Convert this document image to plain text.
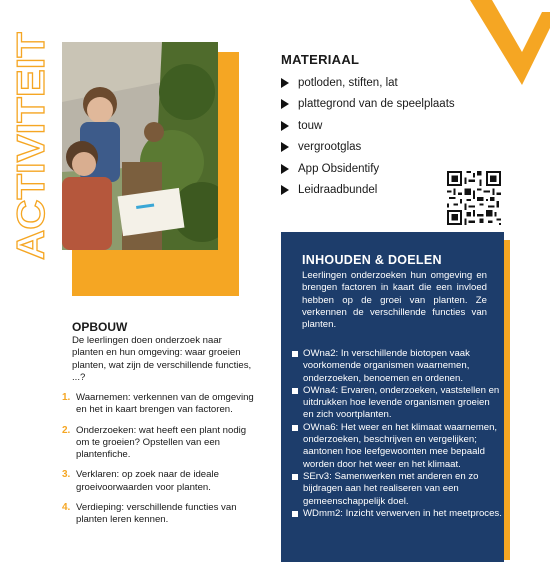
ACTIVITEIT	MATERIAAL
potloden, stiften, lat
plattegrond van de speelplaats
touw
vergrootglas
App Obsidentify
Leidraadbundel
OPBOUW
De leerlingen doen onderzoek naar planten en hun omgeving: waar groeien planten, wat zijn de verschillende functies, ...?
1. Waarnemen: verkennen van de omgeving en het in kaart brengen van factoren.
2. Onderzoeken: wat heeft een plant nodig om te groeien? Opstellen van een plantenfiche.
3. Verklaren: op zoek naar de ideale groeivoorwaarden voor planten.
4. Verdieping: verschillende functies van planten leren kennen.
INHOUDEN & DOELEN
Leerlingen onderzoeken hun omgeving en brengen factoren in kaart die een invloed hebben op de groei van planten. Ze verkennen de verschillende functies van planten.
OWna2: In verschillende biotopen vaak voorkomende organismen waarnemen, onderzoeken, benoemen en ordenen.
OWna4: Ervaren, onderzoeken, vaststellen en uitdrukken hoe levende organismen groeien en zich voortplanten.
OWna6: Het weer en het klimaat waarnemen, onderzoeken, beschrijven en vergelijken; aantonen hoe leefgewoonten mee bepaald worden door het weer en het klimaat.
SErv3: Samenwerken met anderen en zo bijdragen aan het realiseren van een gemeenschappelijk doel.
WDmm2: Inzicht verwerven in het meetproces.
